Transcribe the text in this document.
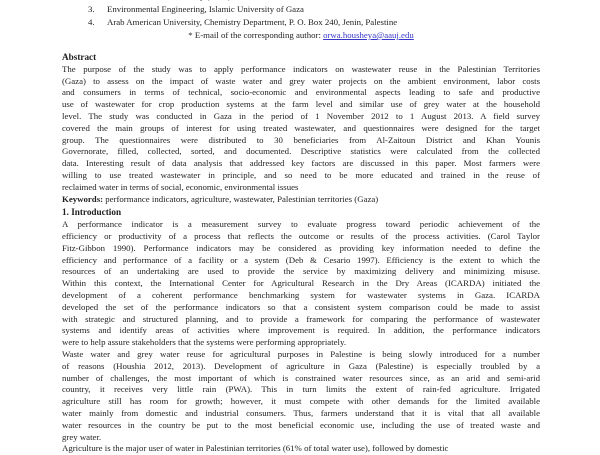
3.	Environmental Engineering, Islamic University of Gaza
4.	Arab American University, Chemistry Department, P. O. Box 240, Jenin, Palestine
* E-mail of the corresponding author: orwa.housheya@aauj.edu
Abstract
The purpose of the study was to apply performance indicators on wastewater reuse in the Palestinian Territories
(Gaza) to assess on the impact of waste water and grey water projects on the ambient environment, labor costs
and consumers in terms of technical, socio-economic and environmental aspects leading to safe and productive
use of wastewater for crop production systems at the farm level and similar use of grey water at the household
level. The study was conducted in Gaza in the period of 1 November 2012 to 1 August 2013. A field survey
covered the main groups of interest for using treated wastewater, and questionnaires were designed for the target
group. The questionnaires were distributed to 30 beneficiaries from Al-Zaitoun District and Khan Younis
Governorate, filled, collected, sorted, and documented. Descriptive statistics were calculated from the collected
data. Interesting result of data analysis that addressed key factors are discussed in this paper. Most farmers were
willing to use treated wastewater in principle, and so need to be more educated and trained in the reuse of
reclaimed water in terms of social, economic, environmental issues
Keywords: performance indicators, agriculture, wastewater, Palestinian territories (Gaza)
1. Introduction
A performance indicator is a measurement survey to evaluate progress toward periodic achievement of the
efficiency or productivity of a process that reflects the outcome or results of the process activities. (Carol Taylor
Fitz-Gibbon 1990). Performance indicators may be considered as providing key information needed to define the
efficiency and performance of a facility or a system (Deb & Cesario 1997). Efficiency is the extent to which the
resources of an undertaking are used to provide the service by maximizing delivery and minimizing misuse.
Within this context, the International Center for Agricultural Research in the Dry Areas (ICARDA) initiated the
development of a coherent performance benchmarking system for wastewater systems in Gaza. ICARDA
developed the set of the performance indicators so that a consistent system comparison could be made to assist
with strategic and structured planning, and to provide a framework for comparing the performance of wastewater
systems and identify areas of activities where improvement is required. In addition, the performance indicators
were to help assure stakeholders that the systems were performing appropriately.
Waste water and grey water reuse for agricultural purposes in Palestine is being slowly introduced for a number
of reasons (Houshia 2012, 2013). Development of agriculture in Gaza (Palestine) is especially troubled by a
number of challenges, the most important of which is constrained water resources since, as an arid and semi-arid
country, it receives very little rain (PWA). This in turn limits the extent of rain-fed agriculture. Irrigated
agriculture still has room for growth; however, it must compete with other demands for the limited available
water mainly from domestic and industrial consumers. Thus, farmers understand that it is vital that all available
water resources in the country be put to the most beneficial economic use, including the use of treated waste and
grey water.
Agriculture is the major user of water in Palestinian territories (61% of total water use), followed by domestic
